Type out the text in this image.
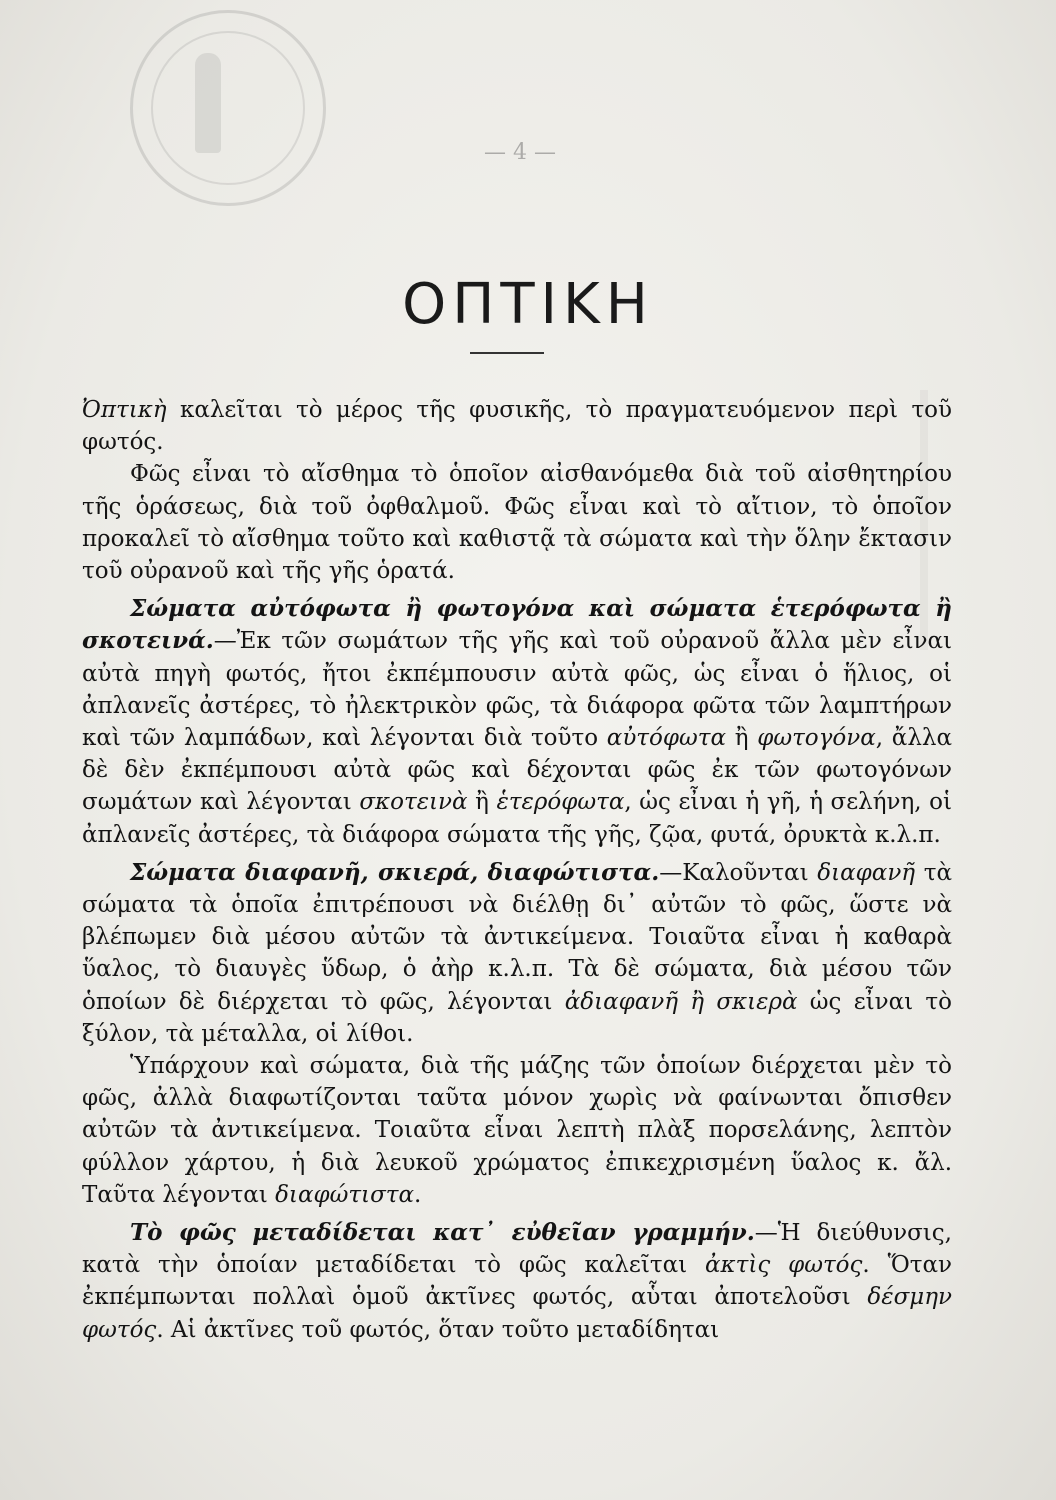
— 4 —
ΟΠΤΙΚΗ

Ὀπτικὴ καλεῖται τὸ μέρος τῆς φυσικῆς, τὸ πραγματευόμενον περὶ τοῦ φωτός.

Φῶς εἶναι τὸ αἴσθημα τὸ ὁποῖον αἰσθανόμεθα διὰ τοῦ αἰσθητηρίου τῆς ὁράσεως, διὰ τοῦ ὀφθαλμοῦ. Φῶς εἶναι καὶ τὸ αἴτιον, τὸ ὁποῖον προκαλεῖ τὸ αἴσθημα τοῦτο καὶ καθιστᾷ τὰ σώματα καὶ τὴν ὅλην ἔκτασιν τοῦ οὐρανοῦ καὶ τῆς γῆς ὁρατά.

Σώματα αὐτόφωτα ἢ φωτογόνα καὶ σώματα ἑτερόφωτα ἢ σκοτεινά.—Ἐκ τῶν σωμάτων τῆς γῆς καὶ τοῦ οὐρανοῦ ἄλλα μὲν εἶναι αὐτὰ πηγὴ φωτός, ἤτοι ἐκπέμπουσιν αὐτὰ φῶς, ὡς εἶναι ὁ ἥλιος, οἱ ἀπλανεῖς ἀστέρες, τὸ ἠλεκτρικὸν φῶς, τὰ διάφορα φῶτα τῶν λαμπτήρων καὶ τῶν λαμπάδων, καὶ λέγονται διὰ τοῦτο αὐτόφωτα ἢ φωτογόνα, ἄλλα δὲ δὲν ἐκπέμπουσι αὐτὰ φῶς καὶ δέχονται φῶς ἐκ τῶν φωτογόνων σωμάτων καὶ λέγονται σκοτεινὰ ἢ ἑτερόφωτα, ὡς εἶναι ἡ γῆ, ἡ σελήνη, οἱ ἀπλανεῖς ἀστέρες, τὰ διάφορα σώματα τῆς γῆς, ζῷα, φυτά, ὀρυκτὰ κ.λ.π.

Σώματα διαφανῆ, σκιερά, διαφώτιστα.—Καλοῦνται διαφανῆ τὰ σώματα τὰ ὁποῖα ἐπιτρέπουσι νὰ διέλθῃ δι᾿ αὐτῶν τὸ φῶς, ὥστε νὰ βλέπωμεν διὰ μέσου αὐτῶν τὰ ἀντικείμενα. Τοιαῦτα εἶναι ἡ καθαρὰ ὕαλος, τὸ διαυγὲς ὕδωρ, ὁ ἀὴρ κ.λ.π. Τὰ δὲ σώματα, διὰ μέσου τῶν ὁποίων δὲ διέρχεται τὸ φῶς, λέγονται ἀδιαφανῆ ἢ σκιερὰ ὡς εἶναι τὸ ξύλον, τὰ μέταλλα, οἱ λίθοι.

Ὑπάρχουν καὶ σώματα, διὰ τῆς μάζης τῶν ὁποίων διέρχεται μὲν τὸ φῶς, ἀλλὰ διαφωτίζονται ταῦτα μόνον χωρὶς νὰ φαίνωνται ὄπισθεν αὐτῶν τὰ ἀντικείμενα. Τοιαῦτα εἶναι λεπτὴ πλὰξ πορσελάνης, λεπτὸν φύλλον χάρτου, ἡ διὰ λευκοῦ χρώματος ἐπικεχρισμένη ὕαλος κ. ἄλ. Ταῦτα λέγονται διαφώτιστα.

Τὸ φῶς μεταδίδεται κατ᾿ εὐθεῖαν γραμμήν.—Ἡ διεύθυνσις, κατὰ τὴν ὁποίαν μεταδίδεται τὸ φῶς καλεῖται ἀκτὶς φωτός. Ὅταν ἐκπέμπωνται πολλαὶ ὁμοῦ ἀκτῖνες φωτός, αὗται ἀποτελοῦσι δέσμην φωτός. Αἱ ἀκτῖνες τοῦ φωτός, ὅταν τοῦτο μεταδίδηται
